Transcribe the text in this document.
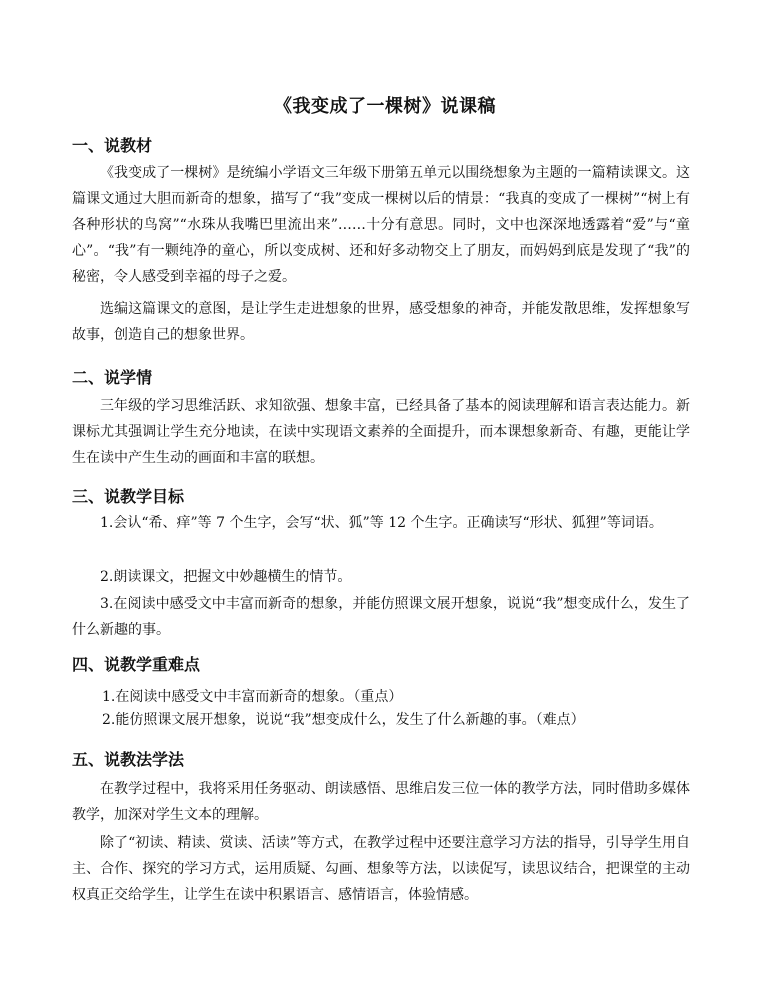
《我变成了一棵树》说课稿
一、说教材
《我变成了一棵树》是统编小学语文三年级下册第五单元以围绕想象为主题的一篇精读课文。这篇课文通过大胆而新奇的想象，描写了“我”变成一棵树以后的情景：“我真的变成了一棵树”“树上有各种形状的鸟窝”“水珠从我嘴巴里流出来”……十分有意思。同时，文中也深深地透露着“爱”与“童心”。“我”有一颗纯净的童心，所以变成树、还和好多动物交上了朋友，而妈妈到底是发现了“我”的秘密，令人感受到幸福的母子之爱。
选编这篇课文的意图，是让学生走进想象的世界，感受想象的神奇，并能发散思维，发挥想象写故事，创造自己的想象世界。
二、说学情
三年级的学习思维活跃、求知欲强、想象丰富，已经具备了基本的阅读理解和语言表达能力。新课标尤其强调让学生充分地读，在读中实现语文素养的全面提升，而本课想象新奇、有趣，更能让学生在读中产生生动的画面和丰富的联想。
三、说教学目标
1.会认“希、痒”等 7 个生字，会写“状、狐”等 12 个生字。正确读写“形状、狐狸”等词语。
2.朗读课文，把握文中妙趣横生的情节。
3.在阅读中感受文中丰富而新奇的想象，并能仿照课文展开想象，说说“我”想变成什么，发生了什么新趣的事。
四、说教学重难点
1.在阅读中感受文中丰富而新奇的想象。（重点）
2.能仿照课文展开想象，说说“我”想变成什么，发生了什么新趣的事。（难点）
五、说教法学法
在教学过程中，我将采用任务驱动、朗读感悟、思维启发三位一体的教学方法，同时借助多媒体教学，加深对学生文本的理解。
除了“初读、精读、赏读、活读”等方式，在教学过程中还要注意学习方法的指导，引导学生用自主、合作、探究的学习方式，运用质疑、勾画、想象等方法，以读促写，读思议结合，把课堂的主动权真正交给学生，让学生在读中积累语言、感情语言，体验情感。
